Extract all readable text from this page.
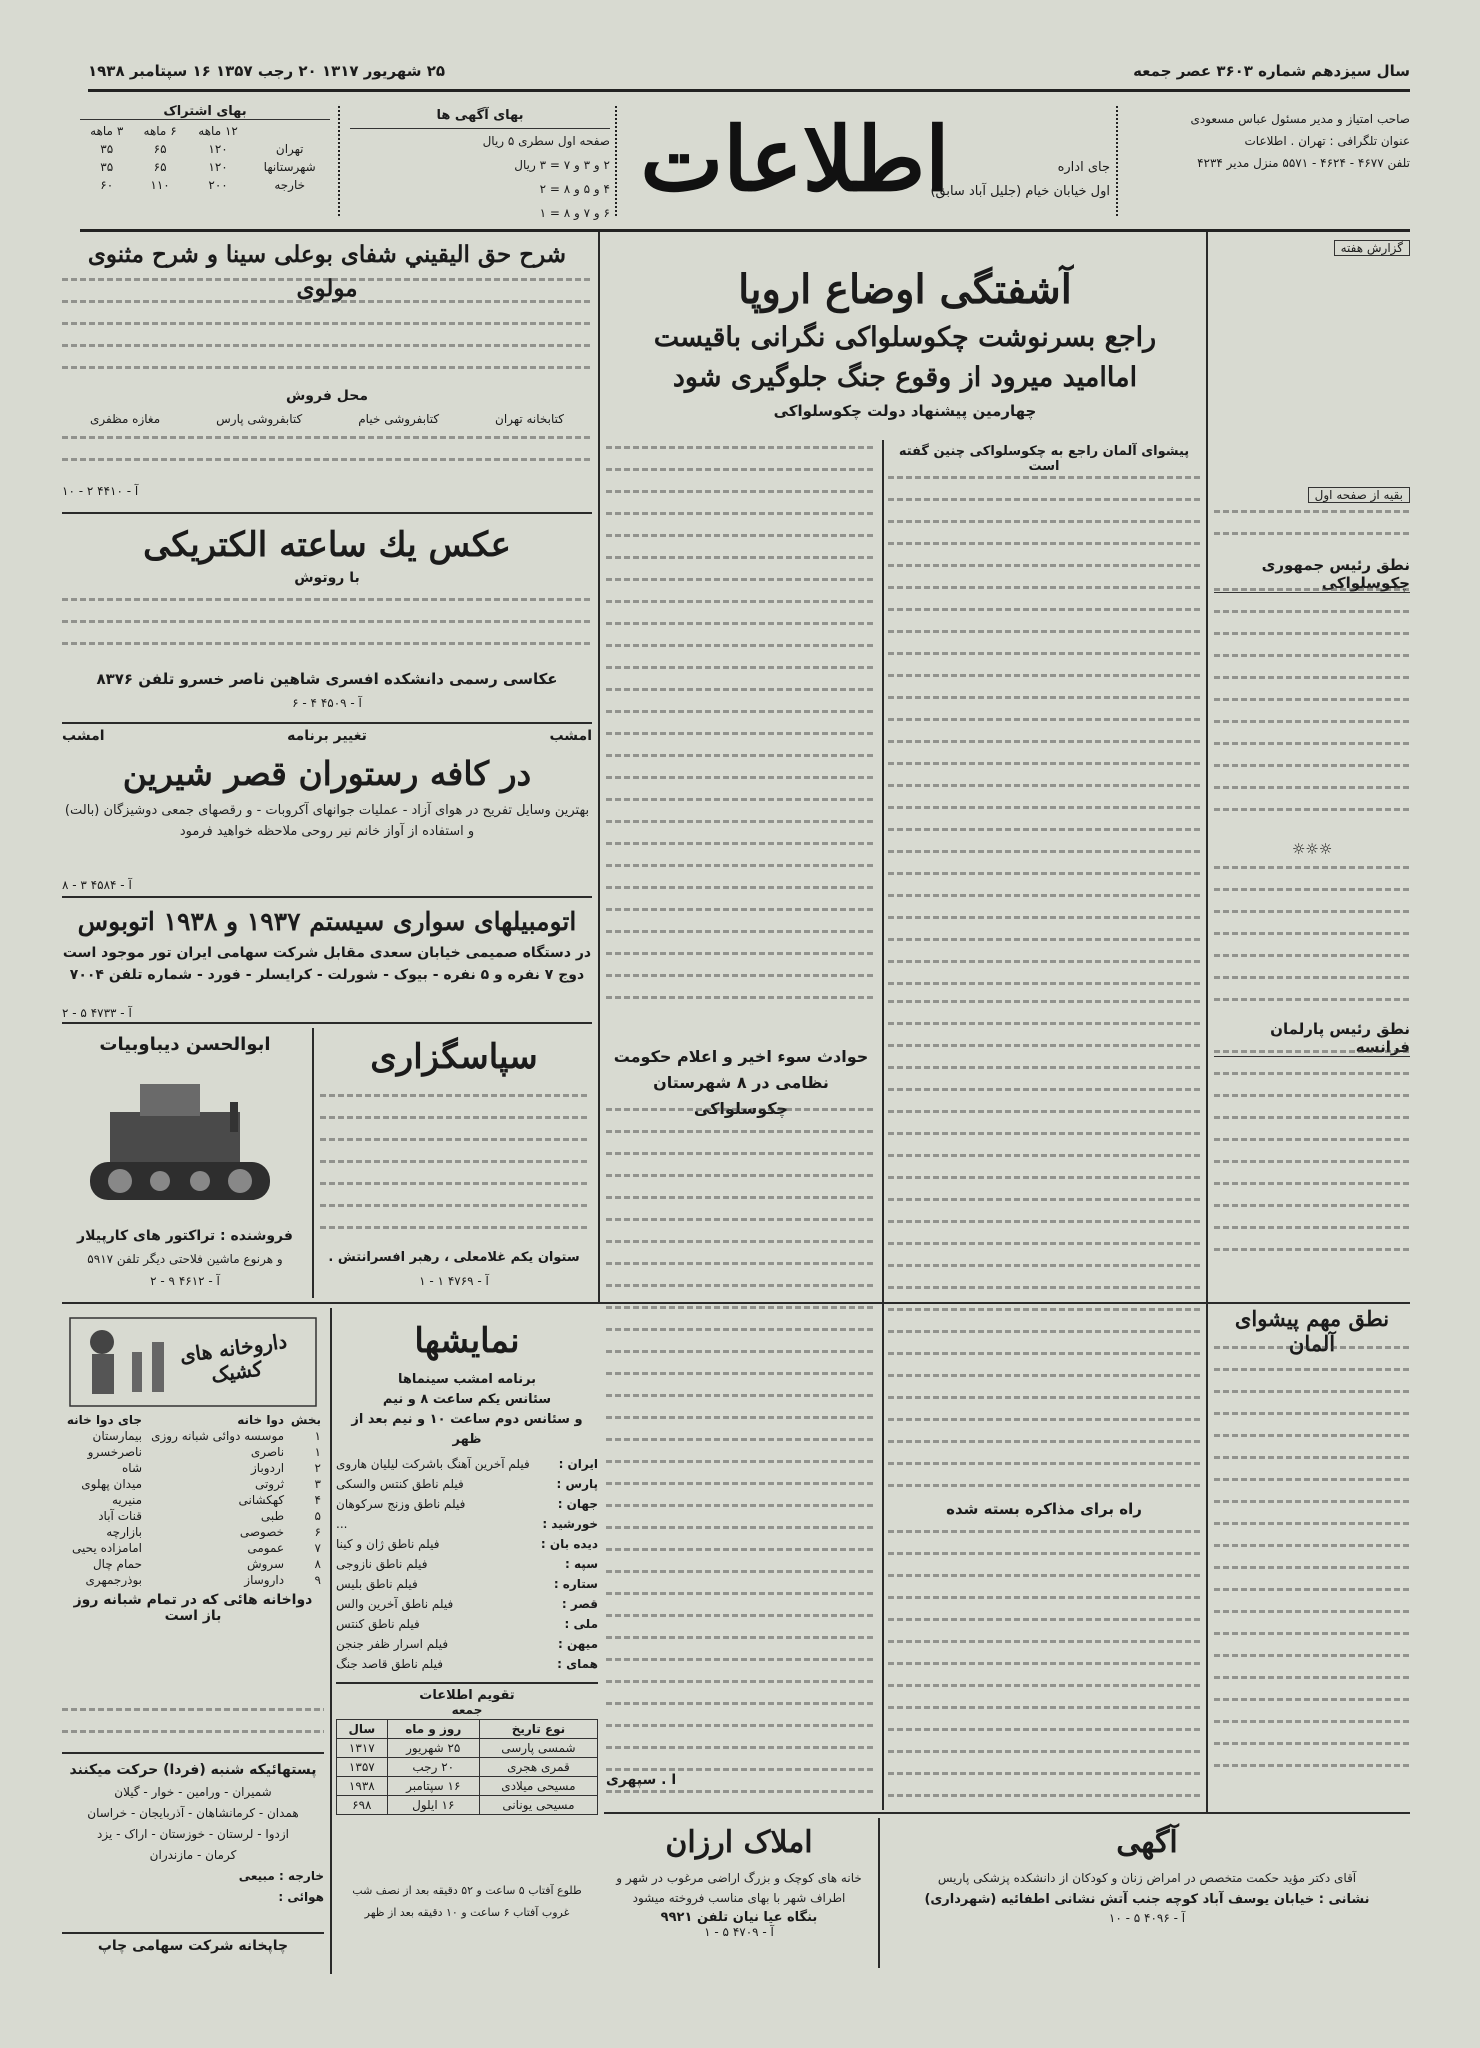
سال سیزدهم شماره ۳۶۰۳ عصر جمعه
۲۵ شهریور ۱۳۱۷ ۲۰ رجب ۱۳۵۷ ۱۶ سپتامبر ۱۹۳۸
صاحب امتیاز و مدیر مسئول عباس مسعودی
عنوان تلگرافی : تهران . اطلاعات
تلفن ۴۶۷۷ - ۴۶۲۴ - ۵۵۷۱ منزل مدیر ۴۲۳۴
جای اداره
اول خیابان خیام (جلیل آباد سابق)
اطلاعات
بهای آگهی ها
صفحه اول سطری ۵ ریال
۲ و ۳ و ۷ = ۳ ریال
۴ و ۵ و ۸ = ۲
۶ و ۷ و ۸ = ۱
بهای اشتراک
	۱۲ ماهه	۶ ماهه	۳ ماهه
تهران	۱۲۰	۶۵	۳۵
شهرستانها	۱۲۰	۶۵	۳۵
خارجه	۲۰۰	۱۱۰	۶۰
گزارش هفته
آشفتگی اوضاع اروپا
راجع بسرنوشت چکوسلواکی نگرانی باقیست
امااميد ميرود از وقوع جنگ جلوگيری شود
چهارمین پیشنهاد دولت چکوسلواکی
شرح حق اليقيني شفای بوعلی سينا و شرح مثنوی مولوی
محل فروش
کتابخانه تهران
کتابفروشی خیام
کتابفروشی پارس
مغازه مظفری
آ - ۴۴۱۰ ۲ - ۱۰
عکس يك ساعته الکتريکی
با روتوش
عکاسی رسمی دانشکده افسری شاهین ناصر خسرو تلفن ۸۳۷۶
آ - ۴۵۰۹ ۴ - ۶
امشب
تغییر برنامه
امشب
در کافه رستوران قصر شیرین
بهترین وسایل تفریح در هوای آزاد - عملیات جوانهای آکروبات - و رقصهای جمعی دوشیزگان (بالت) و استفاده از آواز خانم نیر روحی ملاحظه خواهید فرمود
آ - ۴۵۸۴ ۳ - ۸
اتومبیلهای سواری سیستم ۱۹۳۷ و ۱۹۳۸ اتوبوس
در دستگاه صمیمی خیابان سعدی مقابل شرکت سهامی ایران تور موجود است
دوج ۷ نفره و ۵ نفره - بیوک - شورلت - کرایسلر - فورد - شماره تلفن ۷۰۰۴
آ - ۴۷۳۳ ۵ - ۲
سپاسگزاری
ستوان یکم غلامعلی ، رهبر افسرانتش .
آ - ۴۷۶۹ ۱ - ۱
ابوالحسن دیباوبیات
فروشنده : تراکتور های کارپیلار
و هرنوع ماشین فلاحتی دیگر تلفن ۵۹۱۷
آ - ۴۶۱۲ ۹ - ۲
پیشوای آلمان راجع به چکوسلواکی چنین گفته است
راه برای مذاکره بسته شده
حوادث سوء اخیر و اعلام حکومت
نظامی در ۸ شهرستان چکوسلواکی
ا . سپهری
بقیه از صفحه اول
نطق رئیس جمهوری چکوسلواکی
☼☼☼
نطق رئیس پارلمان فرانسه
نطق مهم پیشوای آلمان
نمایشها
برنامه امشب سینماها
سئانس یکم ساعت ۸ و نیم
و سئانس دوم ساعت ۱۰ و نیم بعد از ظهر
ایران :
فیلم آخرین آهنگ باشرکت لیلیان هاروی
پارس :
فیلم ناطق کنتس والسکی
جهان :
فیلم ناطق وزنج سرکوهان
خورشید :
...
دیده بان :
فیلم ناطق ژان و کینا
سپه :
فیلم ناطق نازوجی
ستاره :
فیلم ناطق بلیس
قصر :
فیلم ناطق آخرین والس
ملی :
فیلم ناطق کنتس
میهن :
فیلم اسرار ظفر جنجن
همای :
فیلم ناطق قاصد جنگ
تقویم اطلاعات
جمعه
نوع تاریخ	روز و ماه	سال
شمسی پارسی	۲۵ شهریور	۱۳۱۷
قمری هجری	۲۰ رجب	۱۳۵۷
مسیحی میلادی	۱۶ سپتامبر	۱۹۳۸
مسیحی یونانی	۱۶ ایلول	۶۹۸
طلوع آفتاب ۵ ساعت و ۵۲ دقیقه بعد از نصف شب
غروب آفتاب ۶ ساعت و ۱۰ دقیقه بعد از ظهر
داروخانه های کشیک
بخش	دوا خانه	جای دوا خانه
۱	موسسه دوائی شبانه روزی	بیمارستان
۱	ناصری	ناصرخسرو
۲	اردوباز	شاه
۳	ثروتی	میدان پهلوی
۴	کهکشانی	منیریه
۵	طبی	قنات آباد
۶	خصوصی	بازارچه
۷	عمومی	امامزاده یحیی
۸	سروش	حمام چال
۹	داروساز	بوذرجمهری
دواخانه هائی که در تمام شبانه روز باز است
پستهائیکه شنبه (فردا) حرکت میکنند
شمیران - ورامین - خوار - گیلان
همدان - کرمانشاهان - آذربایجان - خراسان
ازدوا - لرستان - خوزستان - اراک - یزد
کرمان - مازندران
خارجه : مبیعی
هوائی :
چاپخانه شرکت سهامی چاپ
املاک ارزان
خانه های کوچک و بزرگ اراضی مرغوب در شهر و اطراف شهر با بهای مناسب فروخته میشود
بنگاه عیا نیان تلفن ۹۹۲۱
آ - ۴۷۰۹ ۵ - ۱
آگهی
آقای دکتر مؤید حکمت متخصص در امراض زنان و کودکان از دانشکده پزشکی پاریس
نشانی : خیابان یوسف آباد کوچه جنب آتش نشانی اطفائیه (شهرداری)
آ - ۴۰۹۶ ۵ - ۱۰
